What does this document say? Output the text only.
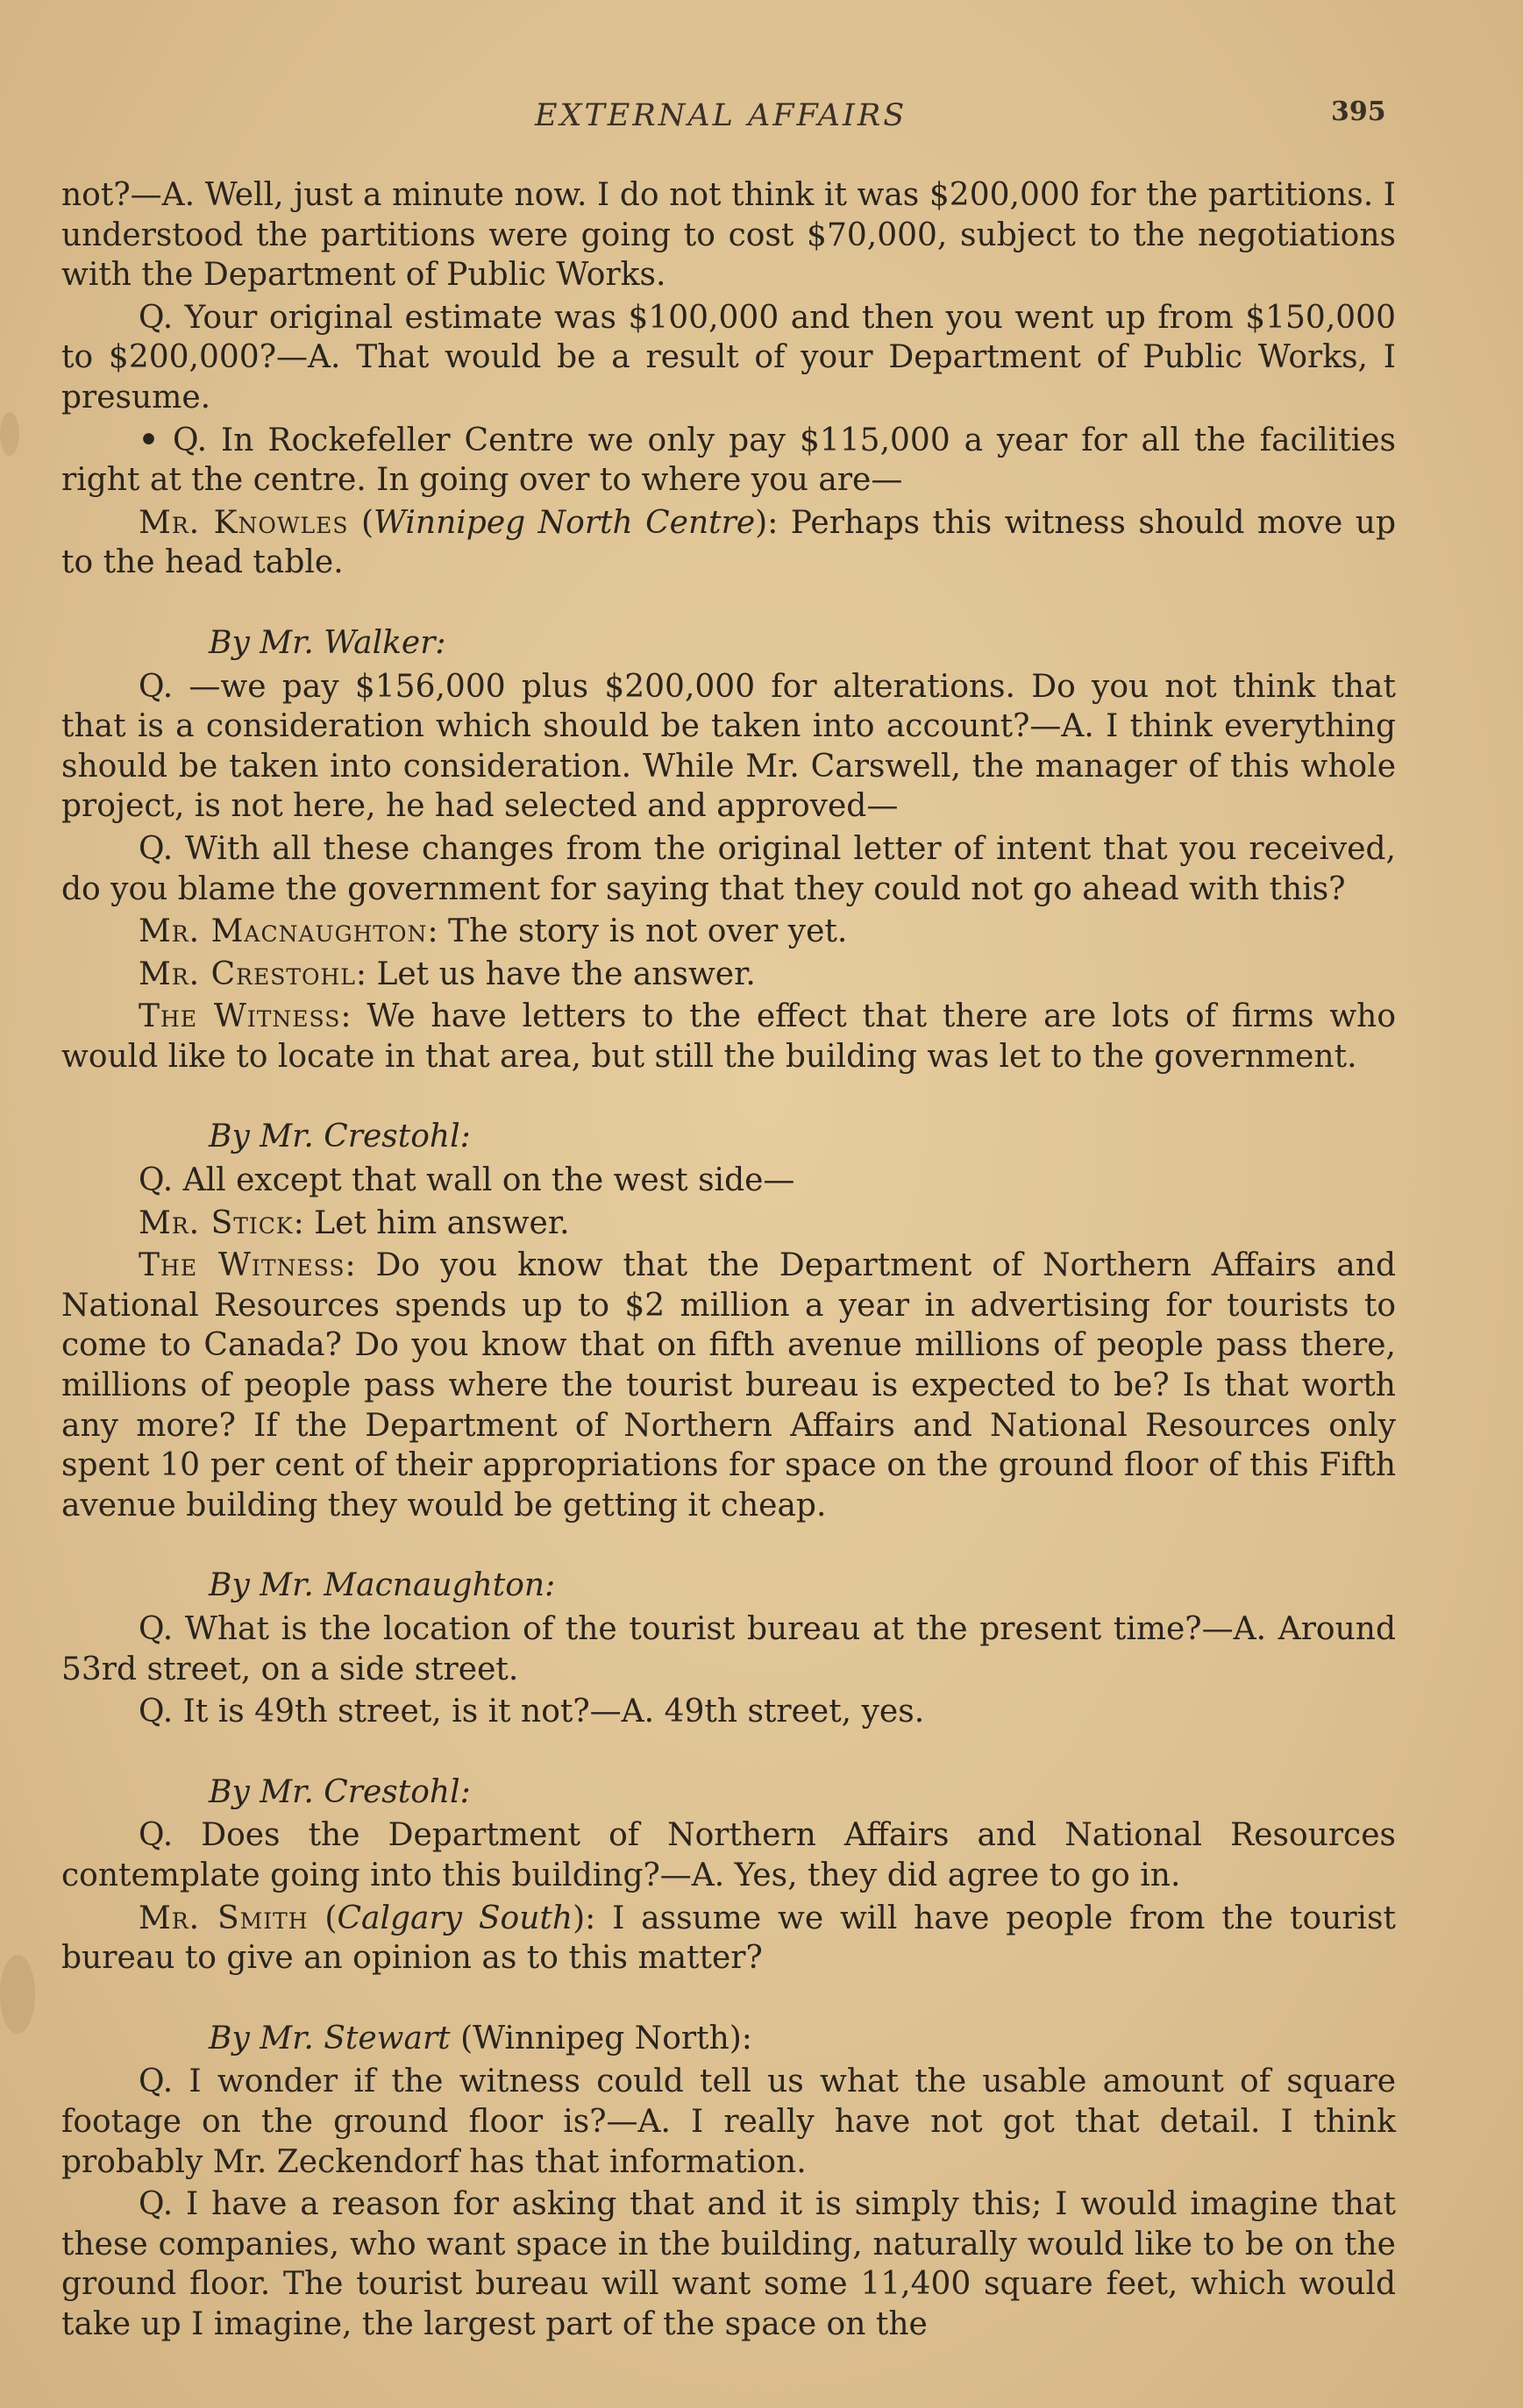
EXTERNAL AFFAIRS	395

not?—A. Well, just a minute now. I do not think it was $200,000 for the partitions. I understood the partitions were going to cost $70,000, subject to the negotiations with the Department of Public Works.

Q. Your original estimate was $100,000 and then you went up from $150,000 to $200,000?—A. That would be a result of your Department of Public Works, I presume.

• Q. In Rockefeller Centre we only pay $115,000 a year for all the facilities right at the centre. In going over to where you are—

Mr. Knowles (Winnipeg North Centre): Perhaps this witness should move up to the head table.

By Mr. Walker:

Q. —we pay $156,000 plus $200,000 for alterations. Do you not think that that is a consideration which should be taken into account?—A. I think everything should be taken into consideration. While Mr. Carswell, the manager of this whole project, is not here, he had selected and approved—

Q. With all these changes from the original letter of intent that you received, do you blame the government for saying that they could not go ahead with this?

Mr. Macnaughton: The story is not over yet.

Mr. Crestohl: Let us have the answer.

The Witness: We have letters to the effect that there are lots of firms who would like to locate in that area, but still the building was let to the government.

By Mr. Crestohl:

Q. All except that wall on the west side—

Mr. Stick: Let him answer.

The Witness: Do you know that the Department of Northern Affairs and National Resources spends up to $2 million a year in advertising for tourists to come to Canada? Do you know that on fifth avenue millions of people pass there, millions of people pass where the tourist bureau is expected to be? Is that worth any more? If the Department of Northern Affairs and National Resources only spent 10 per cent of their appropriations for space on the ground floor of this Fifth avenue building they would be getting it cheap.

By Mr. Macnaughton:

Q. What is the location of the tourist bureau at the present time?—A. Around 53rd street, on a side street.

Q. It is 49th street, is it not?—A. 49th street, yes.

By Mr. Crestohl:

Q. Does the Department of Northern Affairs and National Resources contemplate going into this building?—A. Yes, they did agree to go in.

Mr. Smith (Calgary South): I assume we will have people from the tourist bureau to give an opinion as to this matter?

By Mr. Stewart (Winnipeg North):

Q. I wonder if the witness could tell us what the usable amount of square footage on the ground floor is?—A. I really have not got that detail. I think probably Mr. Zeckendorf has that information.

Q. I have a reason for asking that and it is simply this; I would imagine that these companies, who want space in the building, naturally would like to be on the ground floor. The tourist bureau will want some 11,400 square feet, which would take up I imagine, the largest part of the space on the
